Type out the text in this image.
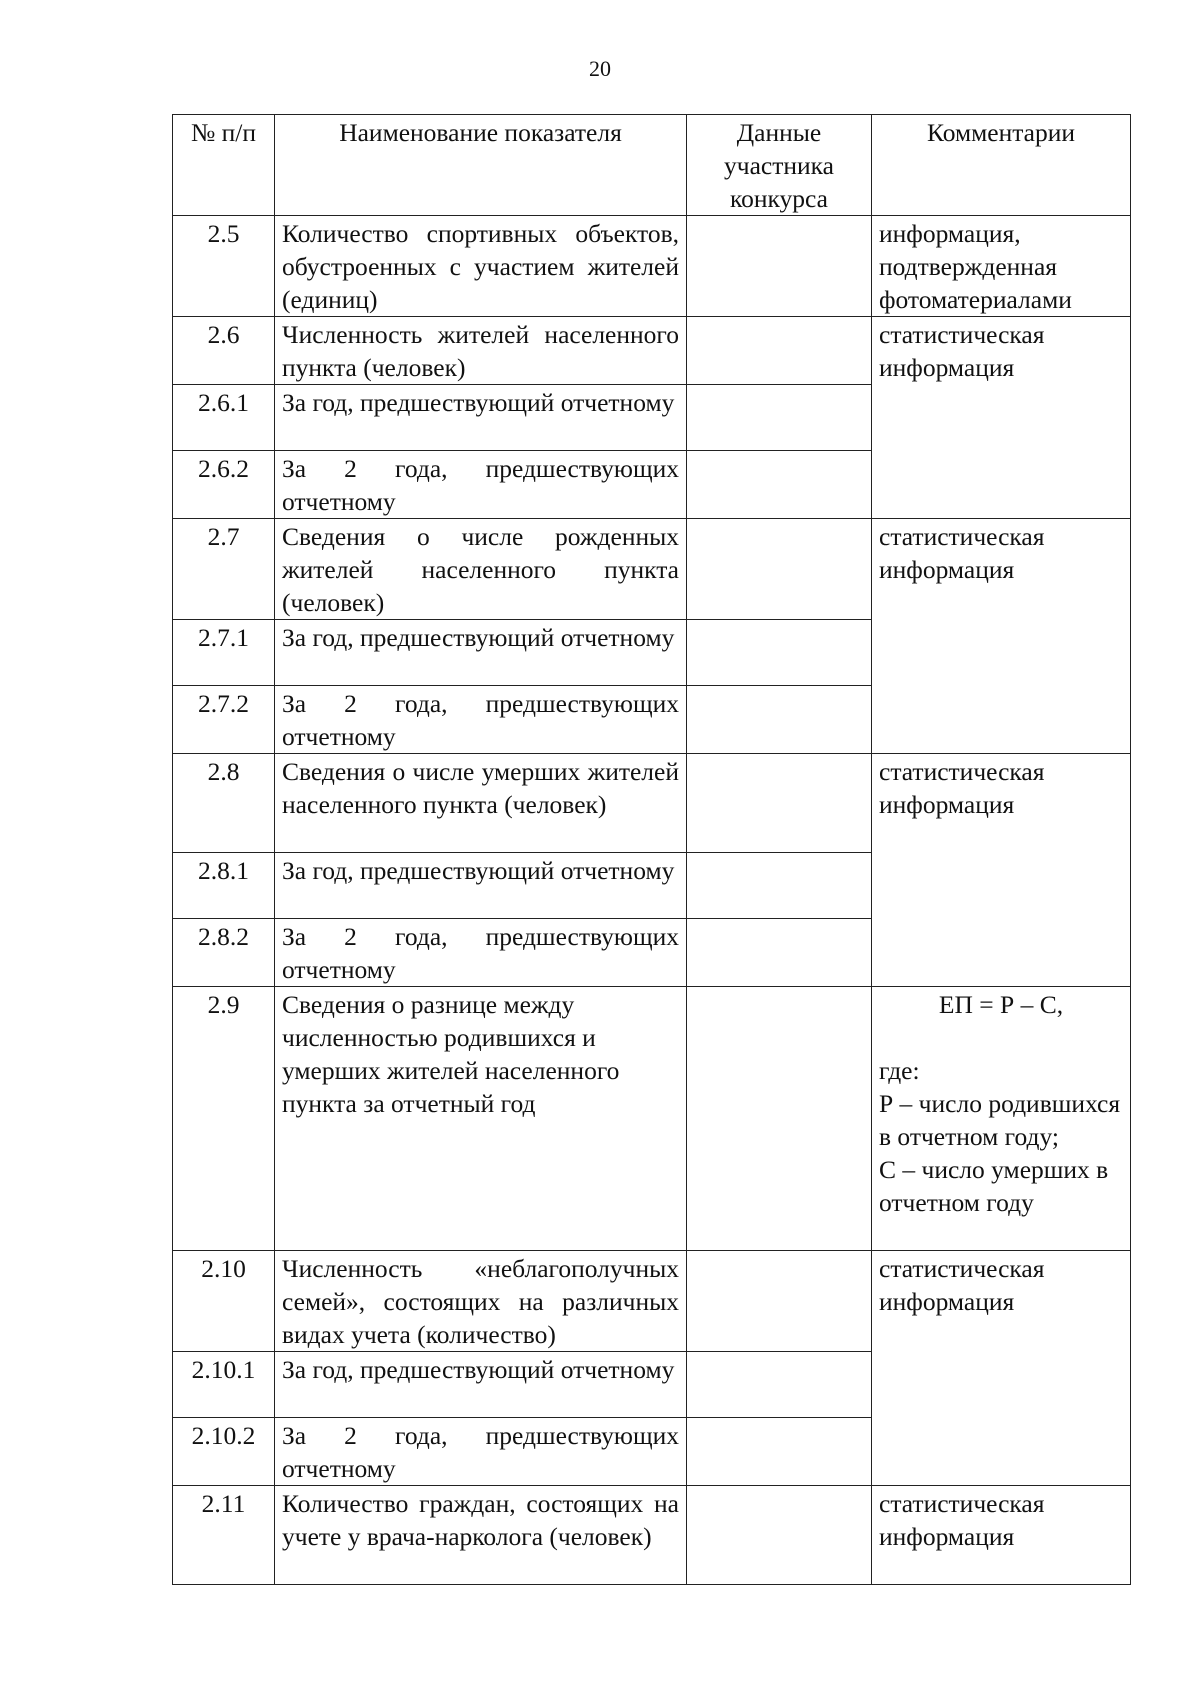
20
№ п/п	Наименование показателя	Данные участника конкурса	Комментарии
2.5	Количество спортивных объектов, обустроенных с участием жителей (единиц)		информация, подтвержденная фотоматериалами
2.6	Численность жителей населенного пункта (человек)		статистическая информация
2.6.1	За год, предшествующий отчетному		
2.6.2	За 2 года, предшествующих отчетному		
2.7	Сведения о числе рожденных жителей населенного пункта (человек)		статистическая информация
2.7.1	За год, предшествующий отчетному		
2.7.2	За 2 года, предшествующих отчетному		
2.8	Сведения о числе умерших жителей населенного пункта (человек)		статистическая информация
2.8.1	За год, предшествующий отчетному		
2.8.2	За 2 года, предшествующих отчетному		
2.9	Сведения о разнице между численностью родившихся и умерших жителей населенного пункта за отчетный год		ЕП = Р – С,
где:
Р – число родившихся в отчетном году;
С – число умерших в отчетном году

2.10	Численность «неблагополучных семей», состоящих на различных видах учета (количество)		статистическая информация
2.10.1	За год, предшествующий отчетному		
2.10.2	За 2 года, предшествующих отчетному		
2.11	Количество граждан, состоящих на учете у врача-нарколога (человек)		статистическая информация
